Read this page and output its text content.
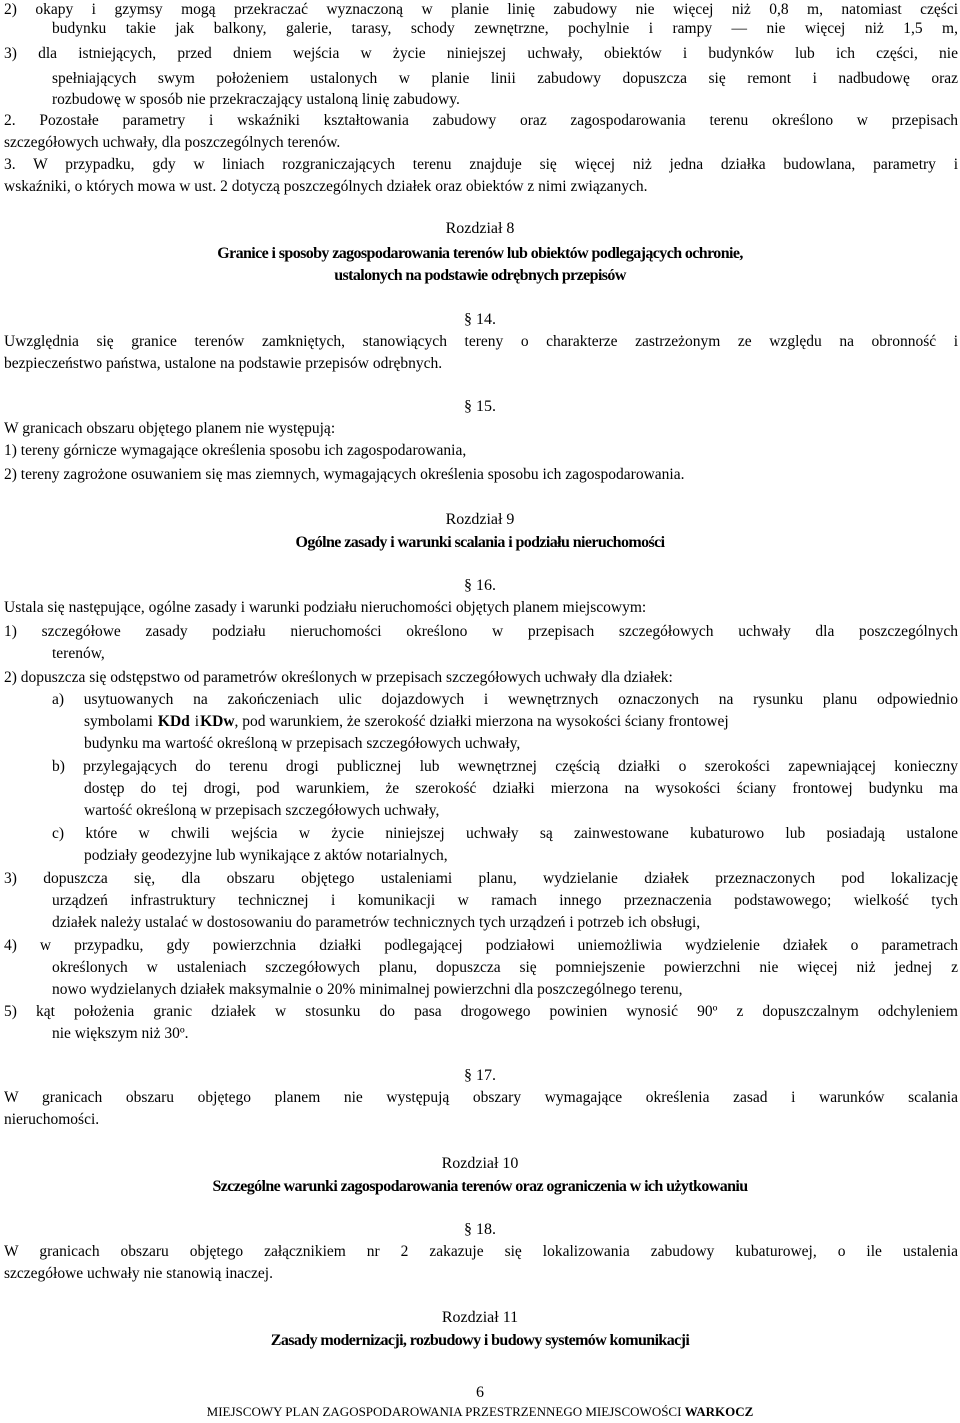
2) okapy i gzymsy mogą przekraczać wyznaczoną w planie linię zabudowy nie więcej niż 0,8 m, natomiast części
budynku takie jak balkony, galerie, tarasy, schody zewnętrzne, pochylnie i rampy — nie więcej niż 1,5 m,
3) dla istniejących, przed dniem wejścia w życie niniejszej uchwały, obiektów i budynków lub ich części, nie
spełniających swym położeniem ustalonych w planie linii zabudowy dopuszcza się remont i nadbudowę oraz
rozbudowę w sposób nie przekraczający ustaloną linię zabudowy.
2. Pozostałe parametry i wskaźniki kształtowania zabudowy oraz zagospodarowania terenu określono w przepisach
szczegółowych uchwały, dla poszczególnych terenów.
3. W przypadku, gdy w liniach rozgraniczających terenu znajduje się więcej niż jedna działka budowlana, parametry i
wskaźniki, o których mowa w ust. 2 dotyczą poszczególnych działek oraz obiektów z nimi związanych.
Rozdział 8
Granice i sposoby zagospodarowania terenów lub obiektów podlegających ochronie,
ustalonych na podstawie odrębnych przepisów
§ 14.
Uwzględnia się granice terenów zamkniętych, stanowiących tereny o charakterze zastrzeżonym ze względu na obronność i
bezpieczeństwo państwa, ustalone na podstawie przepisów odrębnych.
§ 15.
W granicach obszaru objętego planem nie występują:
1) tereny górnicze wymagające określenia sposobu ich zagospodarowania,
2) tereny zagrożone osuwaniem się mas ziemnych, wymagających określenia sposobu ich zagospodarowania.
Rozdział 9
Ogólne zasady i warunki scalania i podziału nieruchomości
§ 16.
Ustala się następujące, ogólne zasady i warunki podziału nieruchomości objętych planem miejscowym:
1) szczegółowe zasady podziału nieruchomości określono w przepisach szczegółowych uchwały dla poszczególnych
terenów,
2) dopuszcza się odstępstwo od parametrów określonych w przepisach szczegółowych uchwały dla działek:
a) usytuowanych na zakończeniach ulic dojazdowych i wewnętrznych oznaczonych na rysunku planu odpowiednio
symbolami KDd i KDw, pod warunkiem, że szerokość działki mierzona na wysokości ściany frontowej
budynku ma wartość określoną w przepisach szczegółowych uchwały,
b) przylegających do terenu drogi publicznej lub wewnętrznej częścią działki o szerokości zapewniającej konieczny
dostęp do tej drogi, pod warunkiem, że szerokość działki mierzona na wysokości ściany frontowej budynku ma
wartość określoną w przepisach szczegółowych uchwały,
c) które w chwili wejścia w życie niniejszej uchwały są zainwestowane kubaturowo lub posiadają ustalone
podziały geodezyjne lub wynikające z aktów notarialnych,
3) dopuszcza się, dla obszaru objętego ustaleniami planu, wydzielanie działek przeznaczonych pod lokalizację
urządzeń infrastruktury technicznej i komunikacji w ramach innego przeznaczenia podstawowego; wielkość tych
działek należy ustalać w dostosowaniu do parametrów technicznych tych urządzeń i potrzeb ich obsługi,
4) w przypadku, gdy powierzchnia działki podlegającej podziałowi uniemożliwia wydzielenie działek o parametrach
określonych w ustaleniach szczegółowych planu, dopuszcza się pomniejszenie powierzchni nie więcej niż jednej z
nowo wydzielanych działek maksymalnie o 20% minimalnej powierzchni dla poszczególnego terenu,
5) kąt położenia granic działek w stosunku do pasa drogowego powinien wynosić 90º z dopuszczalnym odchyleniem
nie większym niż 30º.
§ 17.
W granicach obszaru objętego planem nie występują obszary wymagające określenia zasad i warunków scalania
nieruchomości.
Rozdział 10
Szczególne warunki zagospodarowania terenów oraz ograniczenia w ich użytkowaniu
§ 18.
W granicach obszaru objętego załącznikiem nr 2 zakazuje się lokalizowania zabudowy kubaturowej, o ile ustalenia
szczegółowe uchwały nie stanowią inaczej.
Rozdział 11
Zasady modernizacji, rozbudowy i budowy systemów komunikacji
6
MIEJSCOWY PLAN ZAGOSPODAROWANIA PRZESTRZENNEGO MIEJSCOWOŚCI WARKOCZ
